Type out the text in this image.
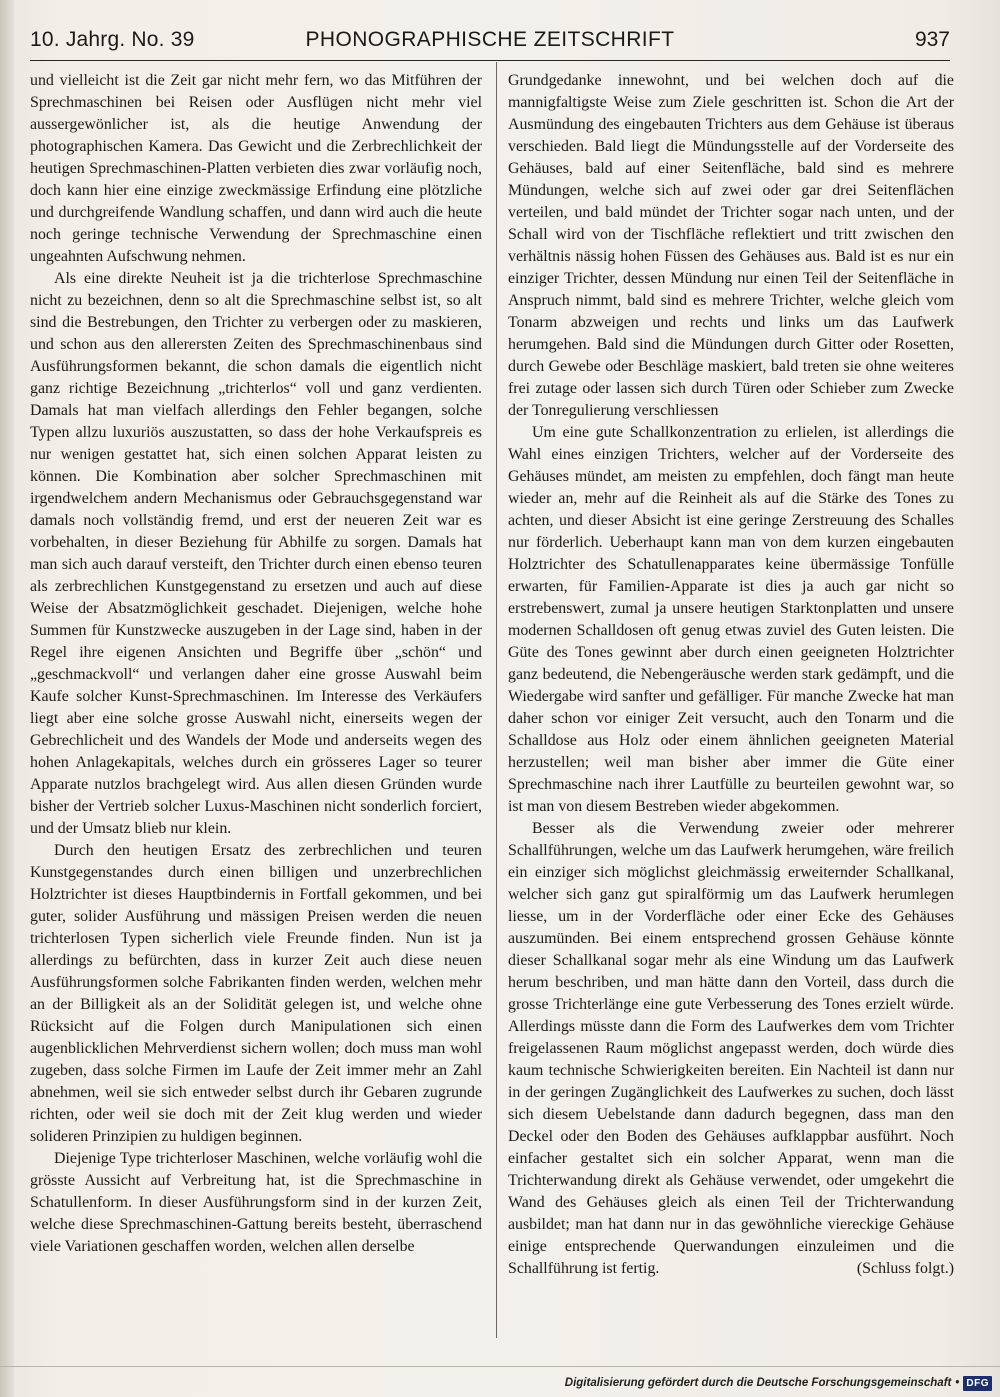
10. Jahrg. No. 39	PHONOGRAPHISCHE ZEITSCHRIFT	937

und vielleicht ist die Zeit gar nicht mehr fern, wo das Mitführen der Sprechmaschinen bei Reisen oder Ausflügen nicht mehr viel aussergewönlicher ist, als die heutige Anwendung der photographischen Kamera. Das Gewicht und die Zerbrechlichkeit der heutigen Sprechmaschinen-Platten verbieten dies zwar vorläufig noch, doch kann hier eine einzige zweckmässige Erfindung eine plötzliche und durchgreifende Wandlung schaffen, und dann wird auch die heute noch geringe technische Verwendung der Sprechmaschine einen ungeahnten Aufschwung nehmen.

Als eine direkte Neuheit ist ja die trichterlose Sprechmaschine nicht zu bezeichnen, denn so alt die Sprechmaschine selbst ist, so alt sind die Bestrebungen, den Trichter zu verbergen oder zu maskieren, und schon aus den allerersten Zeiten des Sprechmaschinenbaus sind Ausführungsformen bekannt, die schon damals die eigentlich nicht ganz richtige Bezeichnung „trichterlos“ voll und ganz verdienten. Damals hat man vielfach allerdings den Fehler begangen, solche Typen allzu luxuriös auszustatten, so dass der hohe Verkaufspreis es nur wenigen gestattet hat, sich einen solchen Apparat leisten zu können. Die Kombination aber solcher Sprechmaschinen mit irgendwelchem andern Mechanismus oder Gebrauchsgegenstand war damals noch vollständig fremd, und erst der neueren Zeit war es vorbehalten, in dieser Beziehung für Abhilfe zu sorgen. Damals hat man sich auch darauf versteift, den Trichter durch einen ebenso teuren als zerbrechlichen Kunstgegenstand zu ersetzen und auch auf diese Weise der Absatzmöglichkeit geschadet. Diejenigen, welche hohe Summen für Kunstzwecke auszugeben in der Lage sind, haben in der Regel ihre eigenen Ansichten und Begriffe über „schön“ und „geschmackvoll“ und verlangen daher eine grosse Auswahl beim Kaufe solcher Kunst-Sprechmaschinen. Im Interesse des Verkäufers liegt aber eine solche grosse Auswahl nicht, einerseits wegen der Gebrechlicheit und des Wandels der Mode und anderseits wegen des hohen Anlagekapitals, welches durch ein grösseres Lager so teurer Apparate nutzlos brachgelegt wird. Aus allen diesen Gründen wurde bisher der Vertrieb solcher Luxus-Maschinen nicht sonderlich forciert, und der Umsatz blieb nur klein.

Durch den heutigen Ersatz des zerbrechlichen und teuren Kunstgegenstandes durch einen billigen und unzerbrechlichen Holztrichter ist dieses Hauptbindernis in Fortfall gekommen, und bei guter, solider Ausführung und mässigen Preisen werden die neuen trichterlosen Typen sicherlich viele Freunde finden. Nun ist ja allerdings zu befürchten, dass in kurzer Zeit auch diese neuen Ausführungsformen solche Fabrikanten finden werden, welchen mehr an der Billigkeit als an der Solidität gelegen ist, und welche ohne Rücksicht auf die Folgen durch Manipulationen sich einen augenblicklichen Mehrverdienst sichern wollen; doch muss man wohl zugeben, dass solche Firmen im Laufe der Zeit immer mehr an Zahl abnehmen, weil sie sich entweder selbst durch ihr Gebaren zugrunde richten, oder weil sie doch mit der Zeit klug werden und wieder solideren Prinzipien zu huldigen beginnen.

Diejenige Type trichterloser Maschinen, welche vorläufig wohl die grösste Aussicht auf Verbreitung hat, ist die Sprechmaschine in Schatullenform. In dieser Ausführungsform sind in der kurzen Zeit, welche diese Sprechmaschinen-Gattung bereits besteht, überraschend viele Variationen geschaffen worden, welchen allen derselbe

Grundgedanke innewohnt, und bei welchen doch auf die mannigfaltigste Weise zum Ziele geschritten ist. Schon die Art der Ausmündung des eingebauten Trichters aus dem Gehäuse ist überaus verschieden. Bald liegt die Mündungsstelle auf der Vorderseite des Gehäuses, bald auf einer Seitenfläche, bald sind es mehrere Mündungen, welche sich auf zwei oder gar drei Seitenflächen verteilen, und bald mündet der Trichter sogar nach unten, und der Schall wird von der Tischfläche reflektiert und tritt zwischen den verhältnis nässig hohen Füssen des Gehäuses aus. Bald ist es nur ein einziger Trichter, dessen Mündung nur einen Teil der Seitenfläche in Anspruch nimmt, bald sind es mehrere Trichter, welche gleich vom Tonarm abzweigen und rechts und links um das Laufwerk herumgehen. Bald sind die Mündungen durch Gitter oder Rosetten, durch Gewebe oder Beschläge maskiert, bald treten sie ohne weiteres frei zutage oder lassen sich durch Türen oder Schieber zum Zwecke der Tonregulierung verschliessen

Um eine gute Schallkonzentration zu erlielen, ist allerdings die Wahl eines einzigen Trichters, welcher auf der Vorderseite des Gehäuses mündet, am meisten zu empfehlen, doch fängt man heute wieder an, mehr auf die Reinheit als auf die Stärke des Tones zu achten, und dieser Absicht ist eine geringe Zerstreuung des Schalles nur förderlich. Ueberhaupt kann man von dem kurzen eingebauten Holztrichter des Schatullenapparates keine übermässige Tonfülle erwarten, für Familien-Apparate ist dies ja auch gar nicht so erstrebenswert, zumal ja unsere heutigen Starktonplatten und unsere modernen Schalldosen oft genug etwas zuviel des Guten leisten. Die Güte des Tones gewinnt aber durch einen geeigneten Holztrichter ganz bedeutend, die Nebengeräusche werden stark gedämpft, und die Wiedergabe wird sanfter und gefälliger. Für manche Zwecke hat man daher schon vor einiger Zeit versucht, auch den Tonarm und die Schalldose aus Holz oder einem ähnlichen geeigneten Material herzustellen; weil man bisher aber immer die Güte einer Sprechmaschine nach ihrer Lautfülle zu beurteilen gewohnt war, so ist man von diesem Bestreben wieder abgekommen.

Besser als die Verwendung zweier oder mehrerer Schallführungen, welche um das Laufwerk herumgehen, wäre freilich ein einziger sich möglichst gleichmässig erweiternder Schallkanal, welcher sich ganz gut spiralförmig um das Laufwerk herumlegen liesse, um in der Vorderfläche oder einer Ecke des Gehäuses auszumünden. Bei einem entsprechend grossen Gehäuse könnte dieser Schallkanal sogar mehr als eine Windung um das Laufwerk herum beschriben, und man hätte dann den Vorteil, dass durch die grosse Trichterlänge eine gute Verbesserung des Tones erzielt würde. Allerdings müsste dann die Form des Laufwerkes dem vom Trichter freigelassenen Raum möglichst angepasst werden, doch würde dies kaum technische Schwierigkeiten bereiten. Ein Nachteil ist dann nur in der geringen Zugänglichkeit des Laufwerkes zu suchen, doch lässt sich diesem Uebelstande dann dadurch begegnen, dass man den Deckel oder den Boden des Gehäuses aufklappbar ausführt. Noch einfacher gestaltet sich ein solcher Apparat, wenn man die Trichterwandung direkt als Gehäuse verwendet, oder umgekehrt die Wand des Gehäuses gleich als einen Teil der Trichterwandung ausbildet; man hat dann nur in das gewöhnliche viereckige Gehäuse einige entsprechende Querwandungen einzuleimen und die Schallführung ist fertig.	(Schluss folgt.)

Digitalisierung gefördert durch die Deutsche Forschungsgemeinschaft • DFG
